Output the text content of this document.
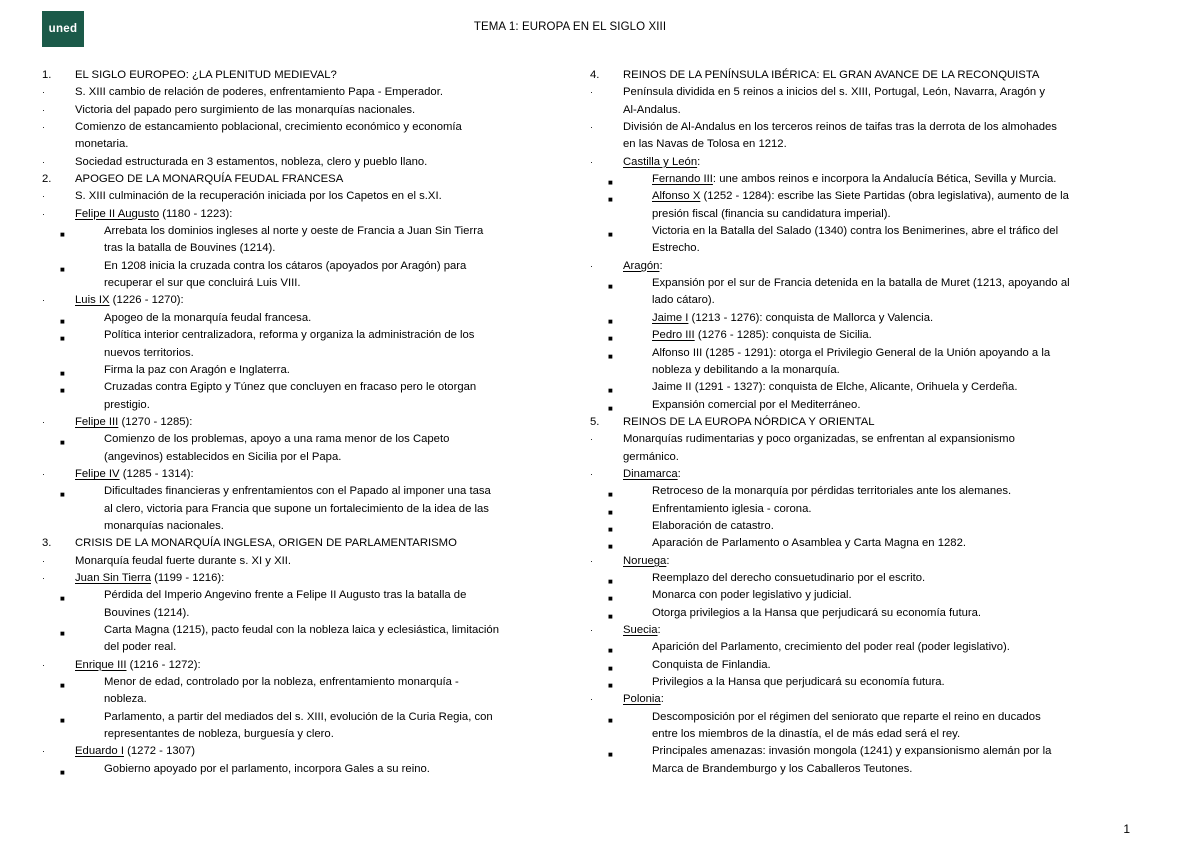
uned	TEMA 1: EUROPA EN EL SIGLO XIII
1.	EL SIGLO EUROPEO: ¿LA PLENITUD MEDIEVAL?
·	S. XIII cambio de relación de poderes, enfrentamiento Papa - Emperador.
·	Victoria del papado pero surgimiento de las monarquías nacionales.
·	Comienzo de estancamiento poblacional, crecimiento económico y economía
monetaria.
·	Sociedad estructurada en 3 estamentos, nobleza, clero y pueblo llano.
2.	APOGEO DE LA MONARQUÍA FEUDAL FRANCESA
·	S. XIII culminación de la recuperación iniciada por los Capetos en el s.XI.
·	Felipe II Augusto (1180 - 1223):
■	Arrebata los dominios ingleses al norte y oeste de Francia a Juan Sin Tierra
tras la batalla de Bouvines (1214).
■	En 1208 inicia la cruzada contra los cátaros (apoyados por Aragón) para
recuperar el sur que concluirá Luis VIII.
·	Luis IX (1226 - 1270):
■	Apogeo de la monarquía feudal francesa.
■	Política interior centralizadora, reforma y organiza la administración de los
nuevos territorios.
■	Firma la paz con Aragón e Inglaterra.
■	Cruzadas contra Egipto y Túnez que concluyen en fracaso pero le otorgan
prestigio.
·	Felipe III (1270 - 1285):
■	Comienzo de los problemas, apoyo a una rama menor de los Capeto
(angevinos) establecidos en Sicilia por el Papa.
·	Felipe IV (1285 - 1314):
■	Dificultades financieras y enfrentamientos con el Papado al imponer una tasa
al clero, victoria para Francia que supone un fortalecimiento de la idea de las
monarquías nacionales.
3.	CRISIS DE LA MONARQUÍA INGLESA, ORIGEN DE PARLAMENTARISMO
·	Monarquía feudal fuerte durante s. XI y XII.
·	Juan Sin Tierra (1199 - 1216):
■	Pérdida del Imperio Angevino frente a Felipe II Augusto tras la batalla de
Bouvines (1214).
■	Carta Magna (1215), pacto feudal con la nobleza laica y eclesiástica, limitación
del poder real.
·	Enrique III (1216 - 1272):
■	Menor de edad, controlado por la nobleza, enfrentamiento monarquía -
nobleza.
■	Parlamento, a partir del mediados del s. XIII, evolución de la Curia Regia, con
representantes de nobleza, burguesía y clero.
·	Eduardo I (1272 - 1307)
■	Gobierno apoyado por el parlamento, incorpora Gales a su reino.
4.	REINOS DE LA PENÍNSULA IBÉRICA: EL GRAN AVANCE DE LA RECONQUISTA
·	Península dividida en 5 reinos a inicios del s. XIII, Portugal, León, Navarra, Aragón y
Al-Andalus.
·	División de Al-Andalus en los terceros reinos de taifas tras la derrota de los almohades
en las Navas de Tolosa en 1212.
·	Castilla y León:
■	Fernando III: une ambos reinos e incorpora la Andalucía Bética, Sevilla y Murcia.
■	Alfonso X (1252 - 1284): escribe las Siete Partidas (obra legislativa), aumento de la
presión fiscal (financia su candidatura imperial).
■	Victoria en la Batalla del Salado (1340) contra los Benimerines, abre el tráfico del
Estrecho.
·	Aragón:
■	Expansión por el sur de Francia detenida en la batalla de Muret (1213, apoyando al
lado cátaro).
■	Jaime I (1213 - 1276): conquista de Mallorca y Valencia.
■	Pedro III (1276 - 1285): conquista de Sicilia.
■	Alfonso III (1285 - 1291): otorga el Privilegio General de la Unión apoyando a la
nobleza y debilitando a la monarquía.
■	Jaime II (1291 - 1327): conquista de Elche, Alicante, Orihuela y Cerdeña.
■	Expansión comercial por el Mediterráneo.
5.	REINOS DE LA EUROPA NÓRDICA Y ORIENTAL
·	Monarquías rudimentarias y poco organizadas, se enfrentan al expansionismo
germánico.
·	Dinamarca:
■	Retroceso de la monarquía por pérdidas territoriales ante los alemanes.
■	Enfrentamiento iglesia - corona.
■	Elaboración de catastro.
■	Aparación de Parlamento o Asamblea y Carta Magna en 1282.
·	Noruega:
■	Reemplazo del derecho consuetudinario por el escrito.
■	Monarca con poder legislativo y judicial.
■	Otorga privilegios a la Hansa que perjudicará su economía futura.
·	Suecia:
■	Aparición del Parlamento, crecimiento del poder real (poder legislativo).
■	Conquista de Finlandia.
■	Privilegios a la Hansa que perjudicará su economía futura.
·	Polonia:
■	Descomposición por el régimen del seniorato que reparte el reino en ducados
entre los miembros de la dinastía, el de más edad será el rey.
■	Principales amenazas: invasión mongola (1241) y expansionismo alemán por la
Marca de Brandemburgo y los Caballeros Teutones.
1
